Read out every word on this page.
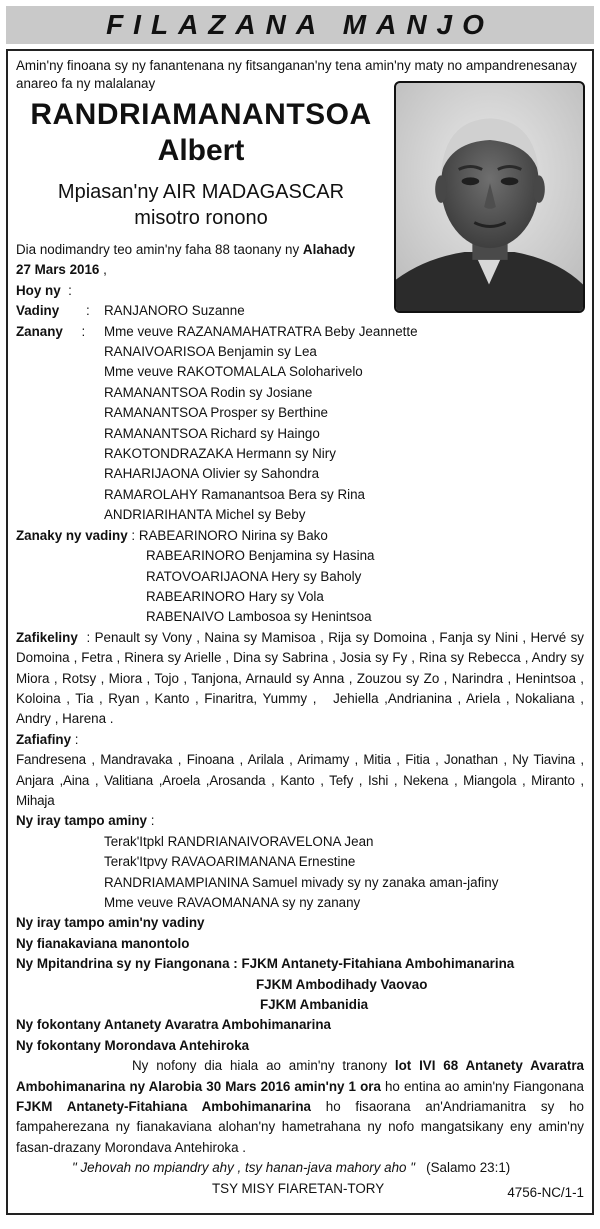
FILAZANA MANJO
Amin'ny finoana sy ny fanantenana ny fitsanganan'ny tena amin'ny maty no ampandrenesanay anareo fa ny malalanay
RANDRIAMANANTSOA
Albert
Mpiasan'ny AIR MADAGASCAR
misotro ronono
Dia nodimandry teo amin'ny faha 88 taonany ny Alahady
27 Mars 2016 ,
Hoy ny :
Vadiny	:	RANJANORO Suzanne
Zanany :	Mme veuve RAZANAMAHATRATRA Beby Jeannette
RANAIVOARISOA Benjamin sy Lea
Mme veuve RAKOTOMALALA Soloharivelo
RAMANANTSOA Rodin sy Josiane
RAMANANTSOA Prosper sy Berthine
RAMANANTSOA Richard sy Haingo
RAKOTONDRAZAKA Hermann sy Niry
RAHARIJAONA Olivier sy Sahondra
RAMAROLAHY Ramanantsoa Bera sy Rina
ANDRIARIHANTA Michel sy Beby
Zanaky ny vadiny : RABEARINORO Nirina sy Bako
RABEARINORO Benjamina sy Hasina
RATOVOARIJAONA Hery sy Baholy
RABEARINORO Hary sy Vola
RABENAIVO Lambosoa sy Henintsoa
Zafikeliny  : Penault sy Vony , Naina sy Mamisoa , Rija sy Domoina , Fanja sy Nini , Hervé sy Domoina , Fetra , Rinera sy Arielle , Dina sy Sabrina , Josia sy Fy , Rina sy Rebecca , Andry sy Miora , Rotsy , Miora , Tojo , Tanjona, Arnauld sy Anna , Zouzou sy Zo , Narindra , Henintsoa , Koloina , Tia , Ryan , Kanto , Finaritra, Yummy ,   Jehiella ,Andrianina , Ariela , Nokaliana , Andry , Harena .
Zafiafiny :
Fandresena , Mandravaka , Finoana , Arilala , Arimamy , Mitia , Fitia , Jonathan , Ny Tiavina , Anjara ,Aina , Valitiana ,Aroela ,Arosanda , Kanto , Tefy , Ishi , Nekena , Miangola , Miranto , Mihaja
Ny iray tampo aminy :
Terak'Itpkl RANDRIANAIVORAVELONA Jean
Terak'Itpvy RAVAOARIMANANA Ernestine
RANDRIAMAMPIANINA Samuel mivady sy ny zanaka aman-jafiny
Mme veuve RAVAOMANANA sy ny zanany
Ny iray tampo amin'ny vadiny
Ny fianakaviana manontolo
Ny Mpitandrina sy ny Fiangonana : FJKM Antanety-Fitahiana Ambohimanarina
FJKM Ambodihady Vaovao
FJKM Ambanidia
Ny fokontany Antanety Avaratra Ambohimanarina
Ny fokontany Morondava Antehiroka
Ny nofony dia hiala ao amin'ny tranony lot IVI 68 Antanety Avaratra Ambohimanarina ny Alarobia 30 Mars 2016 amin'ny 1 ora ho entina ao amin'ny Fiangonana FJKM Antanety-Fitahiana Ambohimanarina ho fisaorana an'Andriamanitra sy ho fampaherezana ny fianakaviana alohan'ny hametrahana ny nofo mangatsikany eny amin'ny fasan-drazany Morondava Antehiroka .
" Jehovah no mpiandry ahy , tsy hanan-java mahory aho "   (Salamo 23:1)
TSY MISY FIARETAN-TORY	4756-NC/1-1
